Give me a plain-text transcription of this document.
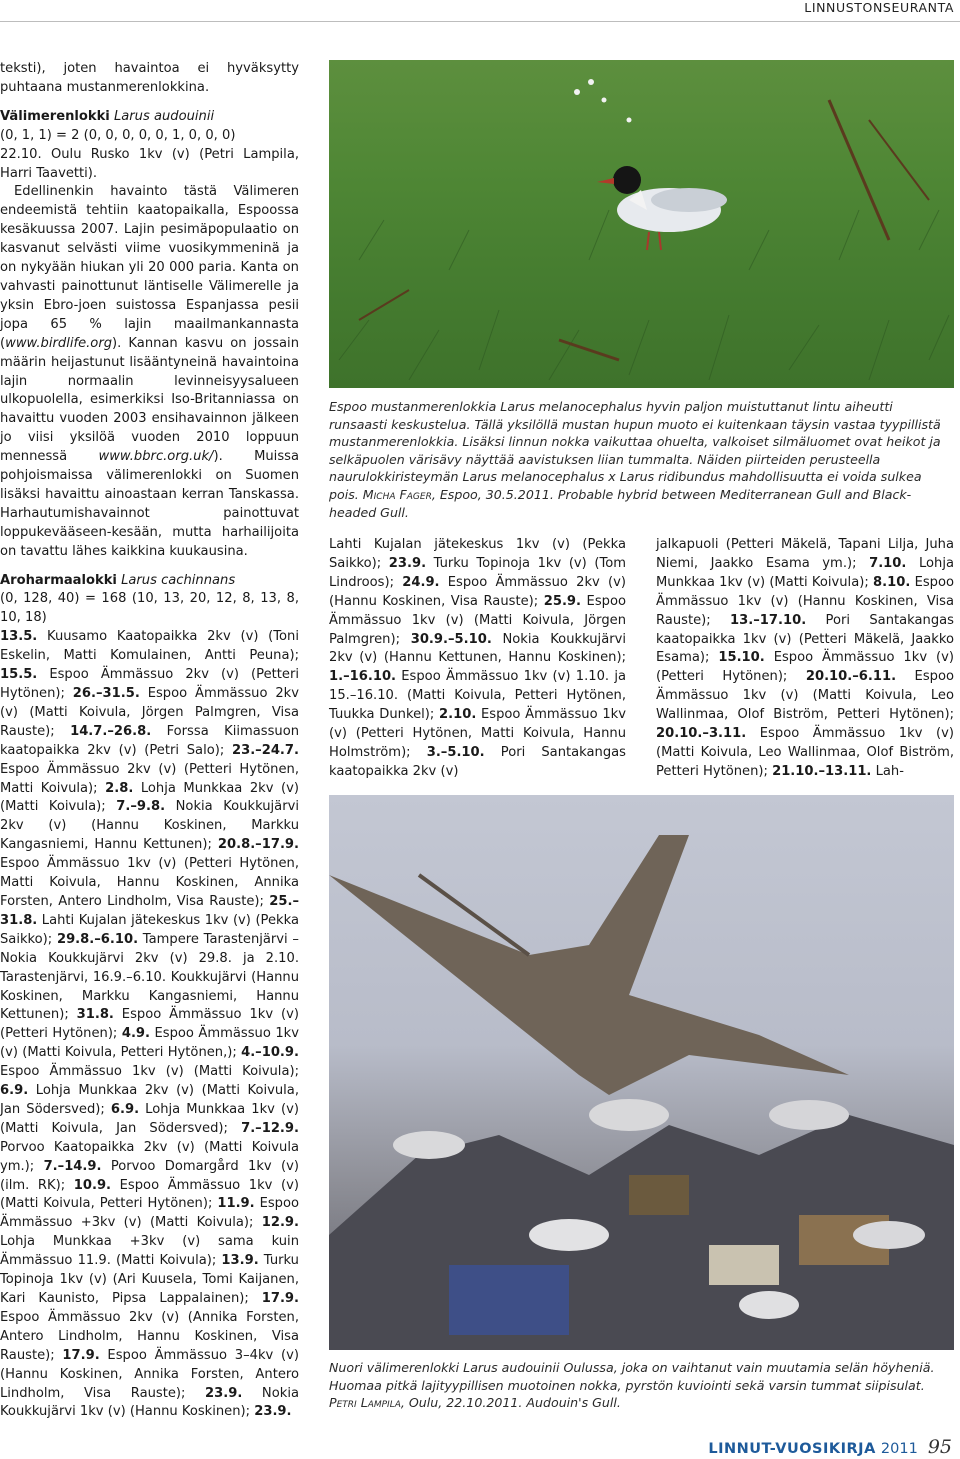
LINNUSTONSEURANTA

teksti), joten havaintoa ei hyväksytty puhtaana mustanmerenlokkina.

Välimerenlokki Larus audouinii

(0, 1, 1) = 2 (0, 0, 0, 0, 0, 1, 0, 0, 0)

22.10. Oulu Rusko 1kv (v) (Petri Lampila, Harri Taavetti).

Edellinenkin havainto tästä Välimeren endeemistä tehtiin kaatopaikalla, Espoossa kesäkuussa 2007. Lajin pesimäpopulaatio on kasvanut selvästi viime vuosikymmeninä ja on nykyään hiukan yli 20 000 paria. Kanta on vahvasti painottunut läntiselle Välimerelle ja yksin Ebro-joen suistossa Espanjassa pesii jopa 65 % lajin maailmankannasta (www.birdlife.org). Kannan kasvu on jossain määrin heijastunut lisääntyneinä havaintoina lajin normaalin levinneisyysalueen ulkopuolella, esimerkiksi Iso-Britanniassa on havaittu vuoden 2003 ensihavainnon jälkeen jo viisi yksilöä vuoden 2010 loppuun mennessä www.bbrc.org.uk/). Muissa pohjoismaissa välimerenlokki on Suomen lisäksi havaittu ainoastaan kerran Tanskassa. Harhautumishavainnot painottuvat loppukevääseen-kesään, mutta harhailijoita on tavattu lähes kaikkina kuukausina.

Aroharmaalokki Larus cachinnans

(0, 128, 40) = 168 (10, 13, 20, 12, 8, 13, 8, 10, 18)

13.5. Kuusamo Kaatopaikka 2kv (v) (Toni Eskelin, Matti Komulainen, Antti Peuna); 15.5. Espoo Ämmässuo 2kv (v) (Petteri Hytönen); 26.–31.5. Espoo Ämmässuo 2kv (v) (Matti Koivula, Jörgen Palmgren, Visa Rauste); 14.7.–26.8. Forssa Kiimassuon kaatopaikka 2kv (v) (Petri Salo); 23.–24.7. Espoo Ämmässuo 2kv (v) (Petteri Hytönen, Matti Koivula); 2.8. Lohja Munkkaa 2kv (v) (Matti Koivula); 7.–9.8. Nokia Koukkujärvi 2kv (v) (Hannu Koskinen, Markku Kangasniemi, Hannu Kettunen); 20.8.–17.9. Espoo Ämmässuo 1kv (v) (Petteri Hytönen, Matti Koivula, Hannu Koskinen, Annika Forsten, Antero Lindholm, Visa Rauste); 25.–31.8. Lahti Kujalan jätekeskus 1kv (v) (Pekka Saikko); 29.8.–6.10. Tampere Tarastenjärvi – Nokia Koukkujärvi 2kv (v) 29.8. ja 2.10. Tarastenjärvi, 16.9.–6.10. Koukkujärvi (Hannu Koskinen, Markku Kangasniemi, Hannu Kettunen); 31.8. Espoo Ämmässuo 1kv (v) (Petteri Hytönen); 4.9. Espoo Ämmässuo 1kv (v) (Matti Koivula, Petteri Hytönen,); 4.–10.9. Espoo Ämmässuo 1kv (v) (Matti Koivula); 6.9. Lohja Munkkaa 2kv (v) (Matti Koivula, Jan Södersved); 6.9. Lohja Munkkaa 1kv (v) (Matti Koivula, Jan Södersved); 7.–12.9. Porvoo Kaatopaikka 2kv (v) (Matti Koivula ym.); 7.–14.9. Porvoo Domargård 1kv (v) (ilm. RK); 10.9. Espoo Ämmässuo 1kv (v) (Matti Koivula, Petteri Hytönen); 11.9. Espoo Ämmässuo +3kv (v) (Matti Koivula); 12.9. Lohja Munkkaa +3kv (v) sama kuin Ämmässuo 11.9. (Matti Koivula); 13.9. Turku Topinoja 1kv (v) (Ari Kuusela, Tomi Kaijanen, Kari Kaunisto, Pipsa Lappalainen); 17.9. Espoo Ämmässuo 2kv (v) (Annika Forsten, Antero Lindholm, Hannu Koskinen, Visa Rauste); 17.9. Espoo Ämmässuo 3–4kv (v) (Hannu Koskinen, Annika Forsten, Antero Lindholm, Visa Rauste); 23.9. Nokia Koukkujärvi 1kv (v) (Hannu Koskinen); 23.9.

Espoo mustanmerenlokkia Larus melanocephalus hyvin paljon muistuttanut lintu aiheutti runsaasti keskustelua. Tällä yksilöllä mustan hupun muoto ei kuitenkaan täysin vastaa tyypillistä mustanmerenlokkia. Lisäksi linnun nokka vaikuttaa ohuelta, valkoiset silmäluomet ovat heikot ja selkäpuolen värisävy näyttää aavistuksen liian tummalta. Näiden piirteiden perusteella naurulokkiristeymän Larus melanocephalus x Larus ridibundus mahdollisuutta ei voida sulkea pois. Micha Fager, Espoo, 30.5.2011. Probable hybrid between Mediterranean Gull and Black-headed Gull.

Lahti Kujalan jätekeskus 1kv (v) (Pekka Saikko); 23.9. Turku Topinoja 1kv (v) (Tom Lindroos); 24.9. Espoo Ämmässuo 2kv (v) (Hannu Koskinen, Visa Rauste); 25.9. Espoo Ämmässuo 1kv (v) (Matti Koivula, Jörgen Palmgren); 30.9.–5.10. Nokia Koukkujärvi 2kv (v) (Hannu Kettunen, Hannu Koskinen); 1.–16.10. Espoo Ämmässuo 1kv (v) 1.10. ja 15.–16.10. (Matti Koivula, Petteri Hytönen, Tuukka Dunkel); 2.10. Espoo Ämmässuo 1kv (v) (Petteri Hytönen, Matti Koivula, Hannu Holmström); 3.–5.10. Pori Santakangas kaatopaikka 2kv (v)

jalkapuoli (Petteri Mäkelä, Tapani Lilja, Juha Niemi, Jaakko Esama ym.); 7.10. Lohja Munkkaa 1kv (v) (Matti Koivula); 8.10. Espoo Ämmässuo 1kv (v) (Hannu Koskinen, Visa Rauste); 13.–17.10. Pori Santakangas kaatopaikka 1kv (v) (Petteri Mäkelä, Jaakko Esama); 15.10. Espoo Ämmässuo 1kv (v) (Petteri Hytönen); 20.10.–6.11. Espoo Ämmässuo 1kv (v) (Matti Koivula, Leo Wallinmaa, Olof Biström, Petteri Hytönen); 20.10.–3.11. Espoo Ämmässuo 1kv (v) (Matti Koivula, Leo Wallinmaa, Olof Biström, Petteri Hytönen); 21.10.–13.11. Lah-

Nuori välimerenlokki Larus audouinii Oulussa, joka on vaihtanut vain muutamia selän höyheniä. Huomaa pitkä lajityypillisen muotoinen nokka, pyrstön kuviointi sekä varsin tummat siipisulat. Petri Lampila, Oulu, 22.10.2011. Audouin's Gull.
LINNUT-VUOSIKIRJA 2011 95
